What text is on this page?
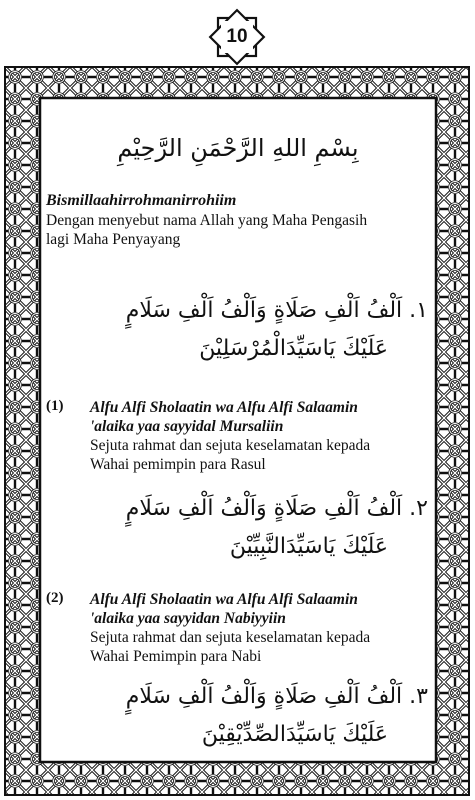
10
بِسْمِ اللهِ الرَّحْمَنِ الرَّحِيْمِ
Bismillaahirrohmanirrohiim
Dengan menyebut nama Allah yang Maha Pengasih
lagi Maha Penyayang
١. اَلْفُ اَلْفِ صَلَاةٍ وَاَلْفُ اَلْفِ سَلَامٍ
عَلَيْكَ يَاسَيِّدَالْمُرْسَلِيْنَ
(1) Alfu Alfi Sholaatin wa Alfu Alfi Salaamin
'alaika yaa sayyidal Mursaliin
Sejuta rahmat dan sejuta keselamatan kepada
Wahai pemimpin para Rasul
٢. اَلْفُ اَلْفِ صَلَاةٍ وَاَلْفُ اَلْفِ سَلَامٍ
عَلَيْكَ يَاسَيِّدَالنَّبِيِّيْنَ
(2) Alfu Alfi Sholaatin wa Alfu Alfi Salaamin
'alaika yaa sayyidan Nabiyyiin
Sejuta rahmat dan sejuta keselamatan kepada
Wahai Pemimpin para Nabi
٣. اَلْفُ اَلْفِ صَلَاةٍ وَاَلْفُ اَلْفِ سَلَامٍ
عَلَيْكَ يَاسَيِّدَالصِّدِّيْقِيْنَ
